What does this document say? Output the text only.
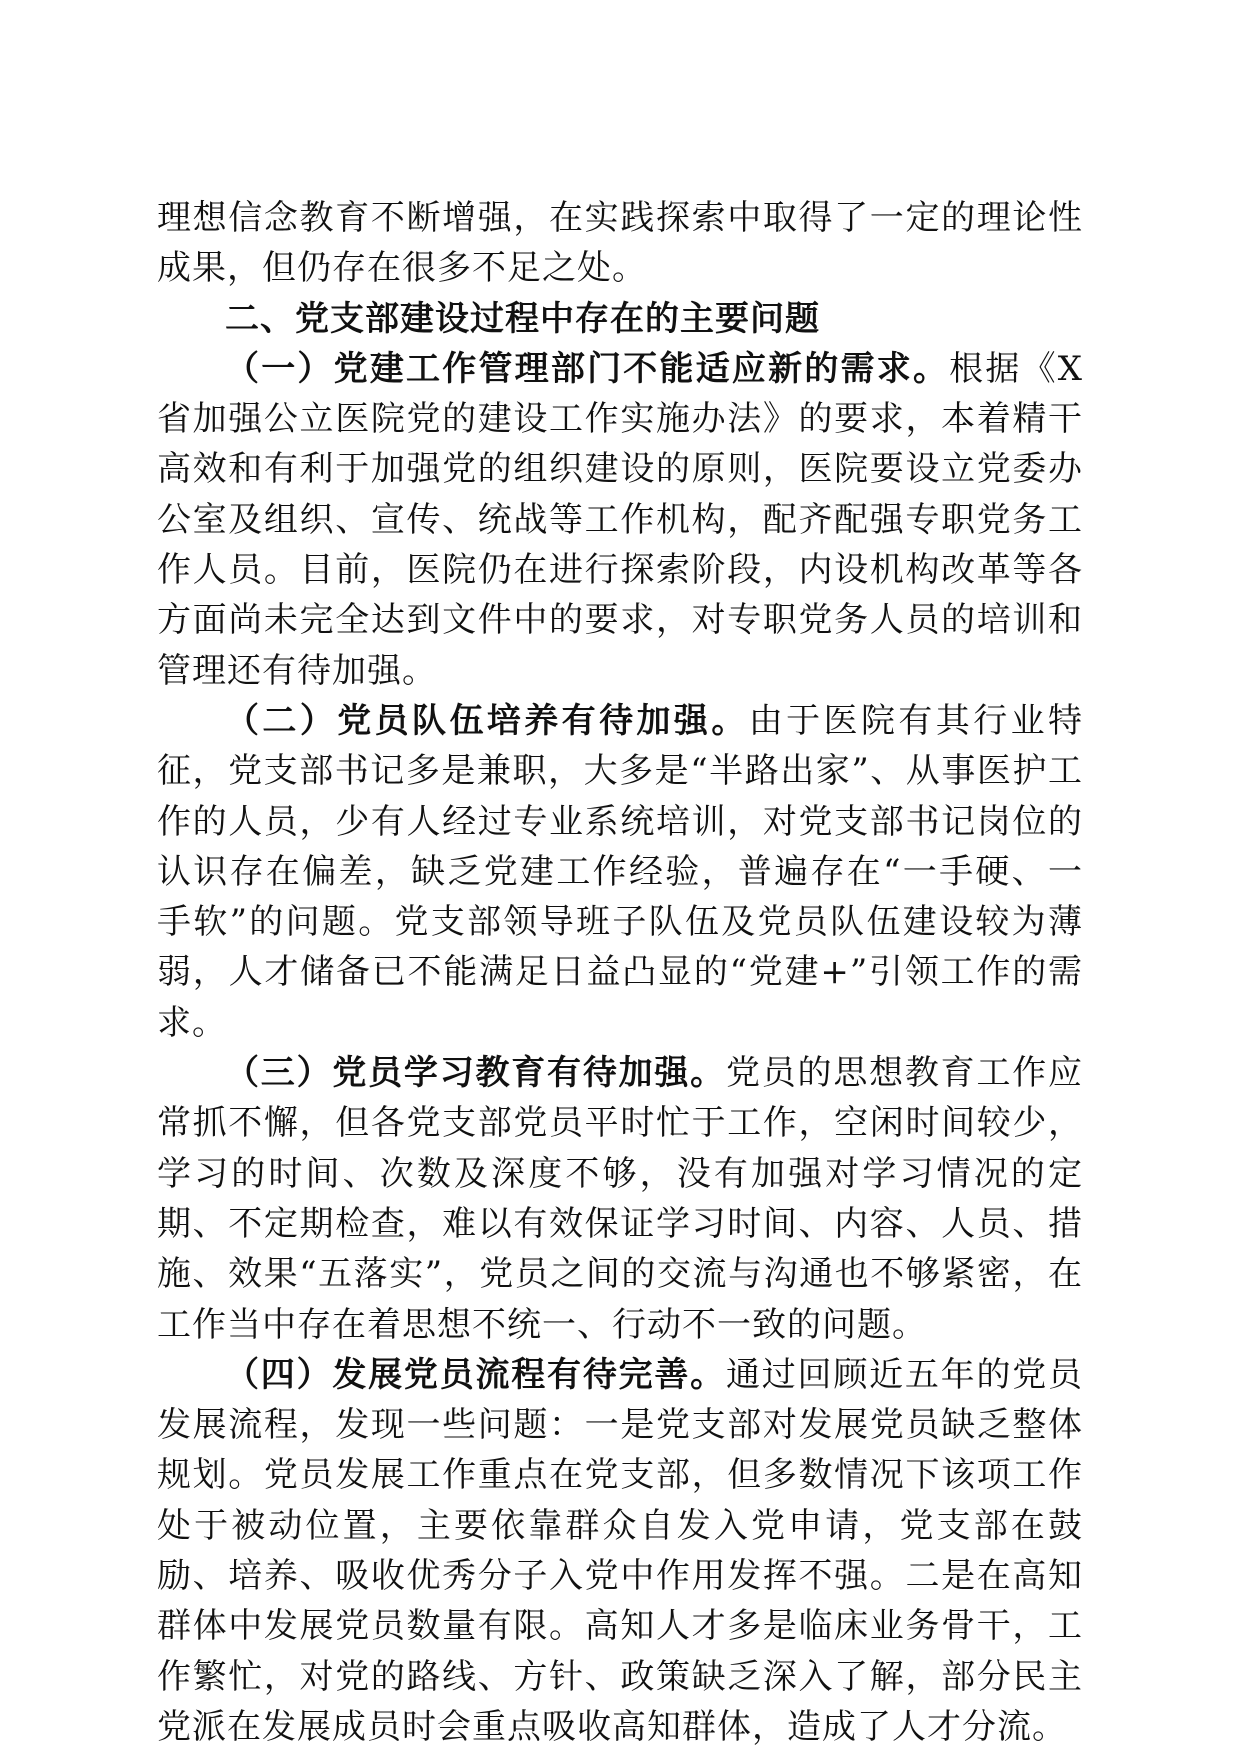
理想信念教育不断增强，在实践探索中取得了一定的理论性成果，但仍存在很多不足之处。

二、党支部建设过程中存在的主要问题

（一）党建工作管理部门不能适应新的需求。根据《X省加强公立医院党的建设工作实施办法》的要求，本着精干高效和有利于加强党的组织建设的原则，医院要设立党委办公室及组织、宣传、统战等工作机构，配齐配强专职党务工作人员。目前，医院仍在进行探索阶段，内设机构改革等各方面尚未完全达到文件中的要求，对专职党务人员的培训和管理还有待加强。

（二）党员队伍培养有待加强。由于医院有其行业特征，党支部书记多是兼职，大多是“半路出家”、从事医护工作的人员，少有人经过专业系统培训，对党支部书记岗位的认识存在偏差，缺乏党建工作经验，普遍存在“一手硬、一手软”的问题。党支部领导班子队伍及党员队伍建设较为薄弱，人才储备已不能满足日益凸显的“党建+”引领工作的需求。

（三）党员学习教育有待加强。党员的思想教育工作应常抓不懈，但各党支部党员平时忙于工作，空闲时间较少，学习的时间、次数及深度不够，没有加强对学习情况的定期、不定期检查，难以有效保证学习时间、内容、人员、措施、效果“五落实”，党员之间的交流与沟通也不够紧密，在工作当中存在着思想不统一、行动不一致的问题。

（四）发展党员流程有待完善。通过回顾近五年的党员发展流程，发现一些问题：一是党支部对发展党员缺乏整体规划。党员发展工作重点在党支部，但多数情况下该项工作处于被动位置，主要依靠群众自发入党申请，党支部在鼓励、培养、吸收优秀分子入党中作用发挥不强。二是在高知群体中发展党员数量有限。高知人才多是临床业务骨干，工作繁忙，对党的路线、方针、政策缺乏深入了解，部分民主党派在发展成员时会重点吸收高知群体，造成了人才分流。
